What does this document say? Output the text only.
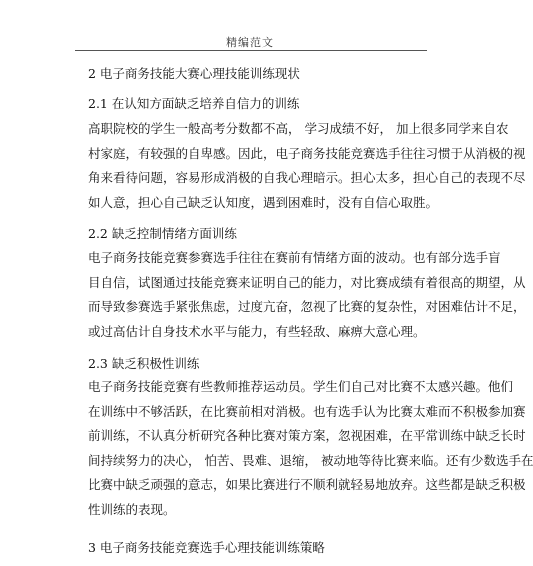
精编范文
2 电子商务技能大赛心理技能训练现状
2.1 在认知方面缺乏培养自信力的训练
高职院校的学生一般高考分数都不高， 学习成绩不好， 加上很多同学来自农
村家庭，有较强的自卑感。因此，电子商务技能竞赛选手往往习惯于从消极的视
角来看待问题，容易形成消极的自我心理暗示。担心太多，担心自己的表现不尽
如人意，担心自己缺乏认知度，遇到困难时，没有自信心取胜。
2.2 缺乏控制情绪方面训练
电子商务技能竞赛参赛选手往往在赛前有情绪方面的波动。也有部分选手盲
目自信，试图通过技能竞赛来证明自己的能力，对比赛成绩有着很高的期望，从
而导致参赛选手紧张焦虑，过度亢奋，忽视了比赛的复杂性，对困难估计不足，
或过高估计自身技术水平与能力，有些轻敌、麻痹大意心理。
2.3 缺乏积极性训练
电子商务技能竞赛有些教师推荐运动员。学生们自己对比赛不太感兴趣。他们
在训练中不够活跃，在比赛前相对消极。也有选手认为比赛太难而不积极参加赛
前训练，不认真分析研究各种比赛对策方案，忽视困难，在平常训练中缺乏长时
间持续努力的决心， 怕苦、畏难、退缩， 被动地等待比赛来临。还有少数选手在
比赛中缺乏顽强的意志，如果比赛进行不顺利就轻易地放弃。这些都是缺乏积极
性训练的表现。
3 电子商务技能竞赛选手心理技能训练策略
